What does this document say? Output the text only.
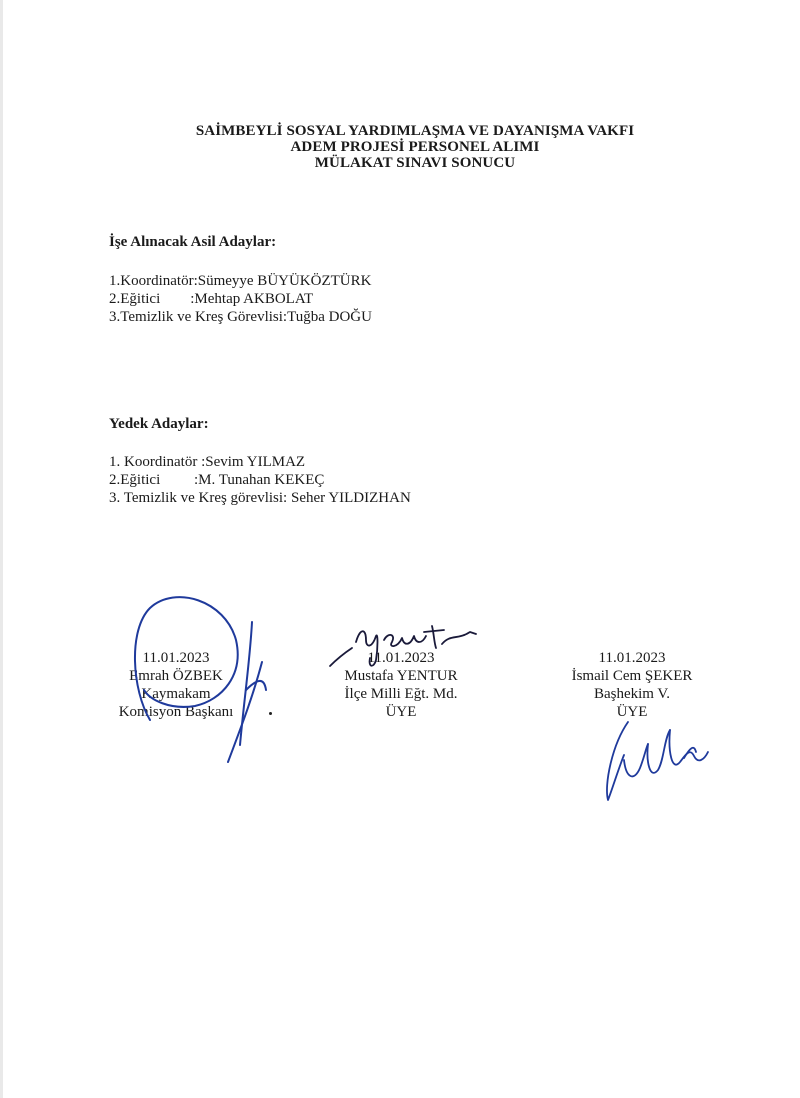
SAİMBEYLİ SOSYAL YARDIMLAŞMA VE DAYANIŞMA VAKFI
ADEM PROJESİ PERSONEL ALIMI
MÜLAKAT SINAVI SONUCU
İşe Alınacak Asil Adaylar:
1.Koordinatör:Sümeyye BÜYÜKÖZTÜRK
2.Eğitici        :Mehtap AKBOLAT
3.Temizlik ve Kreş Görevlisi:Tuğba DOĞU
Yedek Adaylar:
1. Koordinatör :Sevim YILMAZ
2.Eğitici         :M. Tunahan KEKEÇ
3. Temizlik ve Kreş görevlisi: Seher YILDIZHAN
11.01.2023
Emrah ÖZBEK
Kaymakam
Komisyon Başkanı
11.01.2023
Mustafa YENTUR
İlçe Milli Eğt. Md.
ÜYE
11.01.2023
İsmail Cem ŞEKER
Başhekim V.
ÜYE
